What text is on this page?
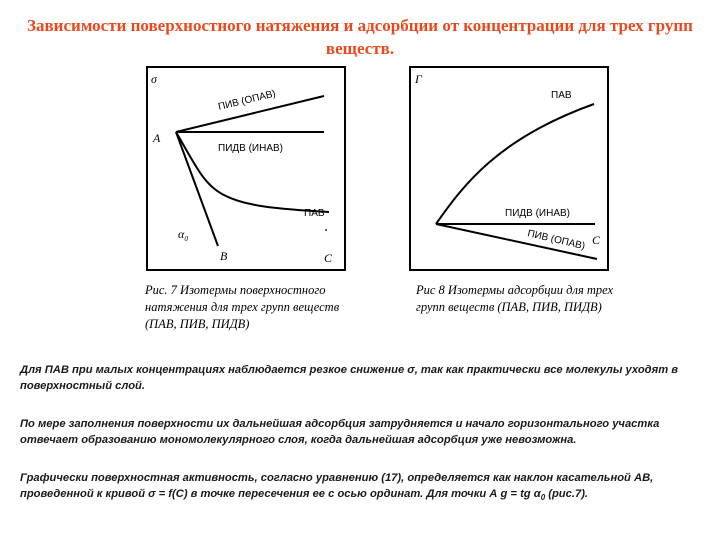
Зависимости поверхностного натяжения и адсорбции от концентрации для трех групп веществ.
σ
A
B	C
ПИВ (ОПАВ)
ПИДВ (ИНАВ)
ПАВ
$\alpha_0$
Рис. 7 Изотермы поверхностного натяжения для трех групп веществ (ПАВ, ПИВ, ПИДВ)
Г
C
ПАВ
ПИДВ (ИНАВ)
ПИВ (ОПАВ)
Рис 8 Изотермы адсорбции для трех групп веществ (ПАВ, ПИВ, ПИДВ)

Для ПАВ при малых концентрациях наблюдается резкое снижение σ, так как практически все молекулы уходят в поверхностный слой.

По мере заполнения поверхности их дальнейшая адсорбция затрудняется и начало горизонтального участка отвечает образованию мономолекулярного слоя, когда дальнейшая адсорбция уже невозможна.

Графически поверхностная активность, согласно уравнению (17), определяется как наклон касательной АВ, проведенной к кривой σ = f(C) в точке пересечения ее с осью ординат. Для точки А g = tg $\alpha_0$ (рис.7).
